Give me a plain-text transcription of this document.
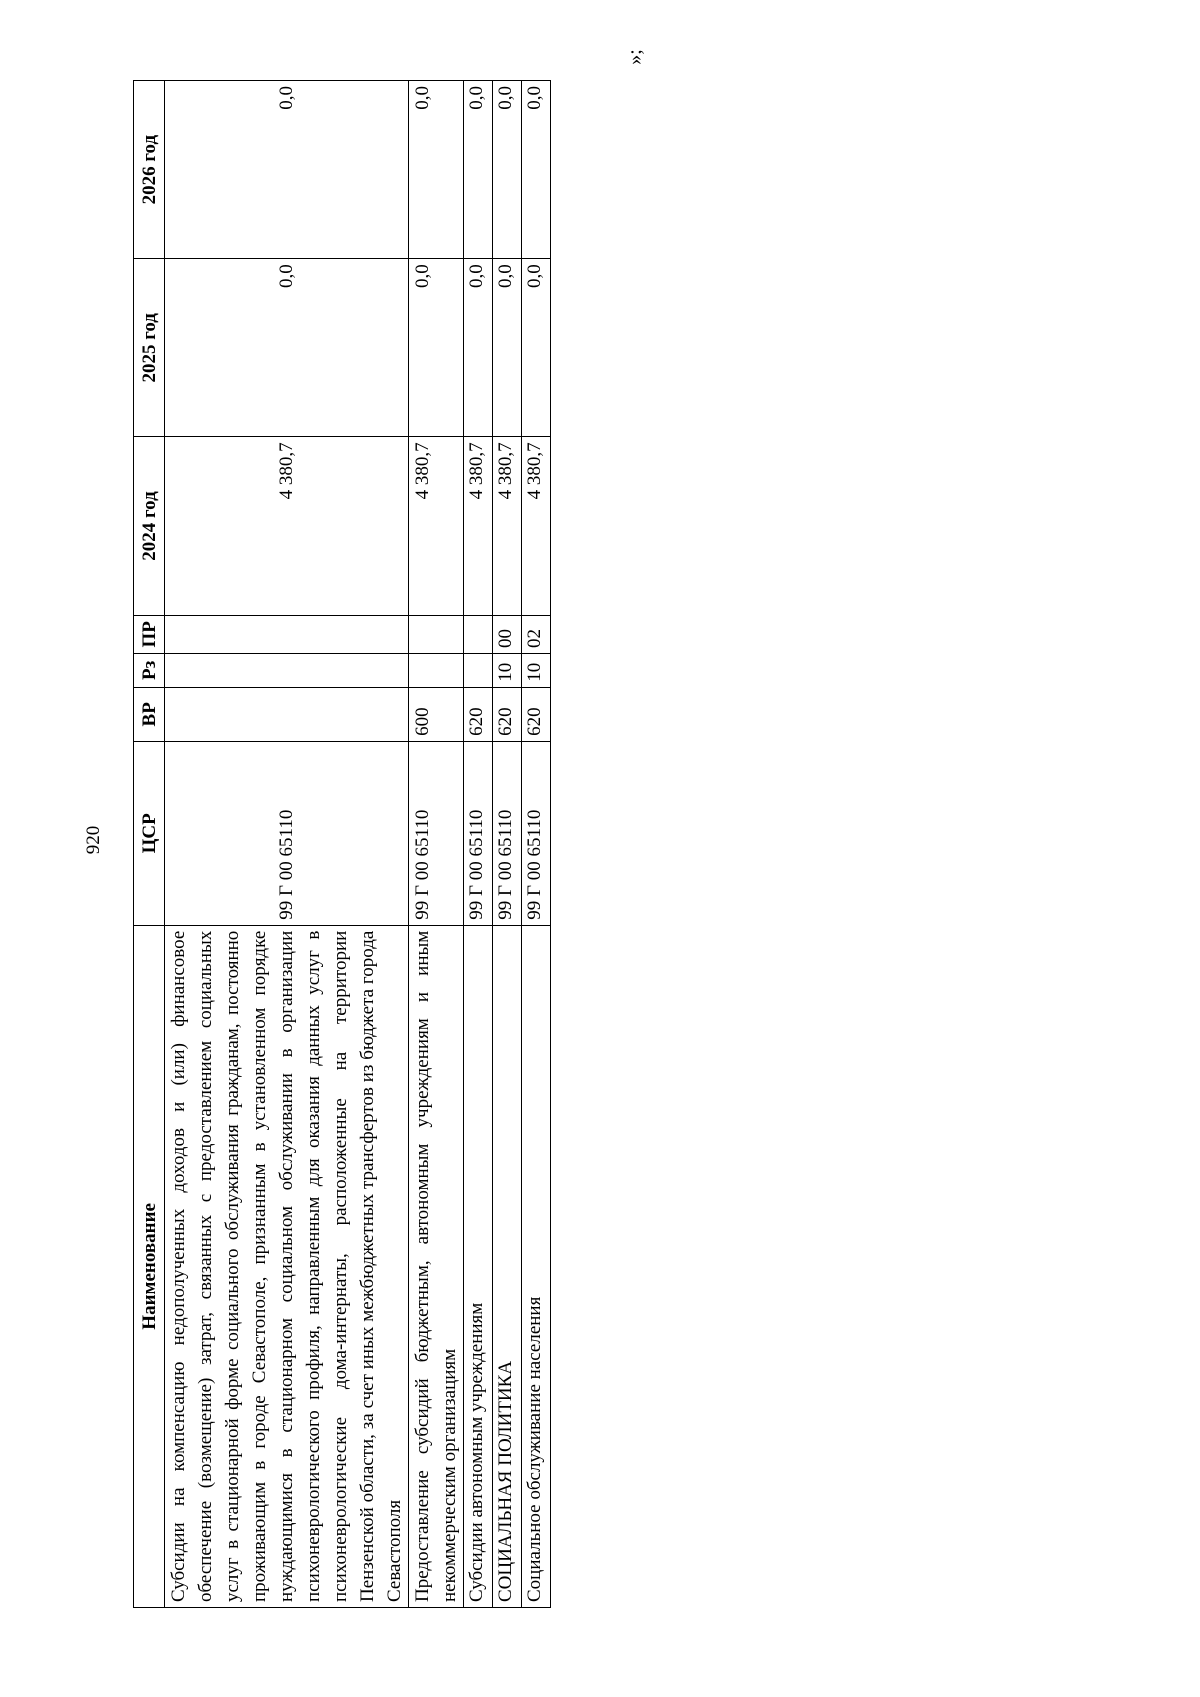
920
»;
Наименование	ЦСР	ВР	Рз	ПР	2024 год	2025 год	2026 год
Субсидии на компенсацию недополученных доходов и (или) финансовое обеспечение (возмещение) затрат, связанных с предоставлением социальных услуг в стационарной форме социального обслуживания гражданам, постоянно проживающим в городе Севастополе, признанным в установленном порядке нуждающимися в стационарном социальном обслуживании в организации психоневрологического профиля, направленным для оказания данных услуг в психоневрологические дома-интернаты, расположенные на территории Пензенской области, за счет иных межбюджетных трансфертов из бюджета города Севастополя	99 Г 00 65110				4 380,7	0,0	0,0
Предоставление субсидий бюджетным, автономным учреждениям и иным некоммерческим организациям	99 Г 00 65110	600			4 380,7	0,0	0,0
Субсидии автономным учреждениям	99 Г 00 65110	620			4 380,7	0,0	0,0
СОЦИАЛЬНАЯ ПОЛИТИКА	99 Г 00 65110	620	10	00	4 380,7	0,0	0,0
Социальное обслуживание населения	99 Г 00 65110	620	10	02	4 380,7	0,0	0,0
